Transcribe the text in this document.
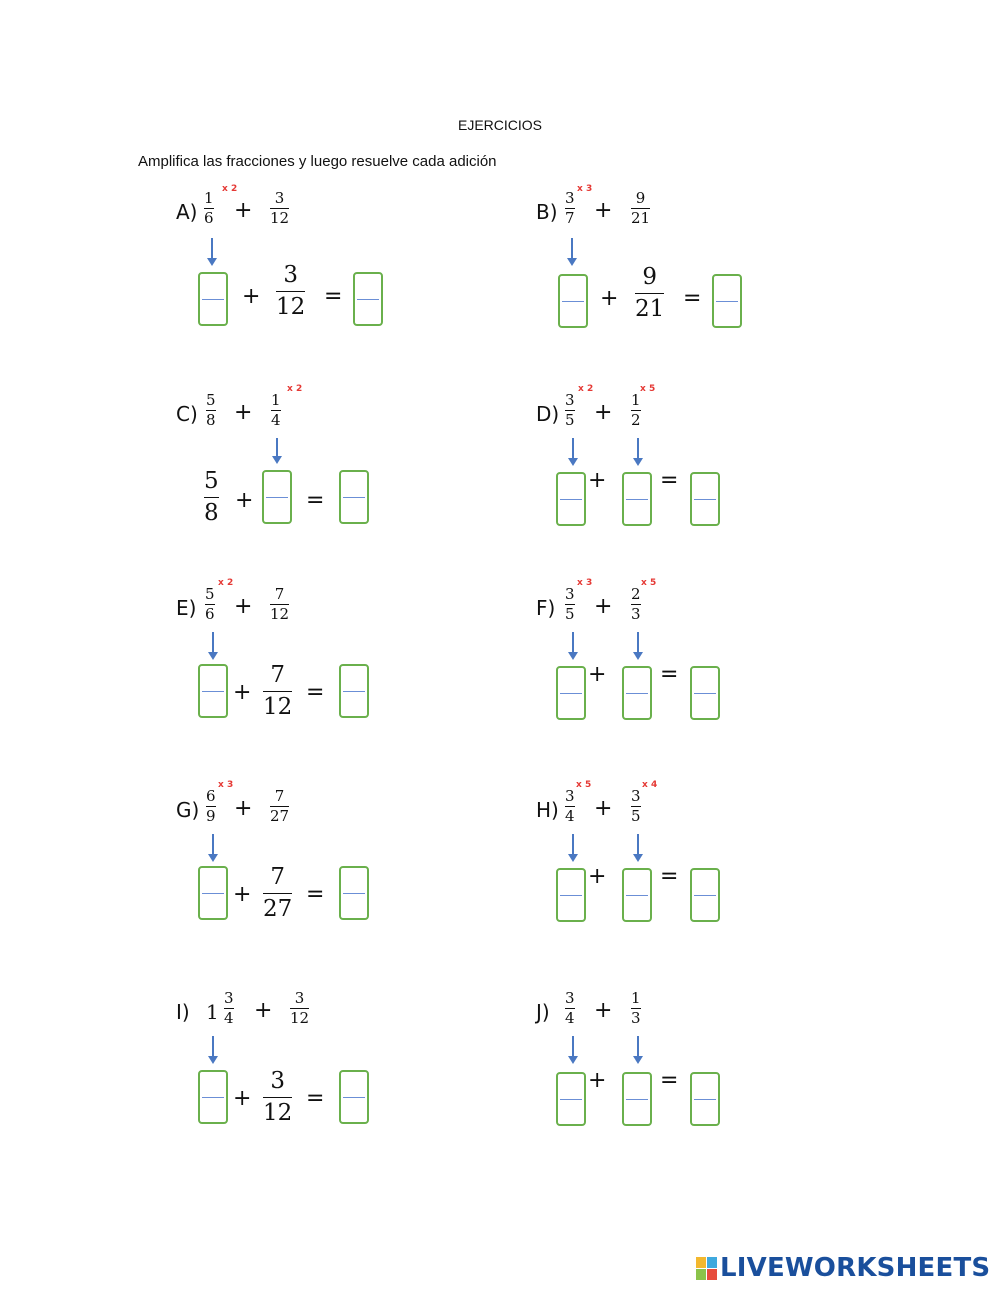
EJERCICIOS
Amplifica las fracciones y luego resuelve cada adición
A)
1
6
x 2
+ 3
12
+
3
12 =
B)
3
7
x 3
+ 9
21
+
9
21 =
C)
5
8 + 1
4
x 2
5
8 + =
D)
3
5
x 2
+ 1
2
x 5
+ =
E)
5
6
x 2
+ 7
12
+
7
12
=
F)
3
5
x 3
+ 2
3
x 5
+ =
G)
6
9
x 3
+ 7
27
+
7
27
=
H)
3
4
x 5
+ 3
5
x 4
+ =
I) 1
3
4 + 3
12
+
3
12
=
J)
3
4 + 1
3
+ =
LIVEWORKSHEETS
